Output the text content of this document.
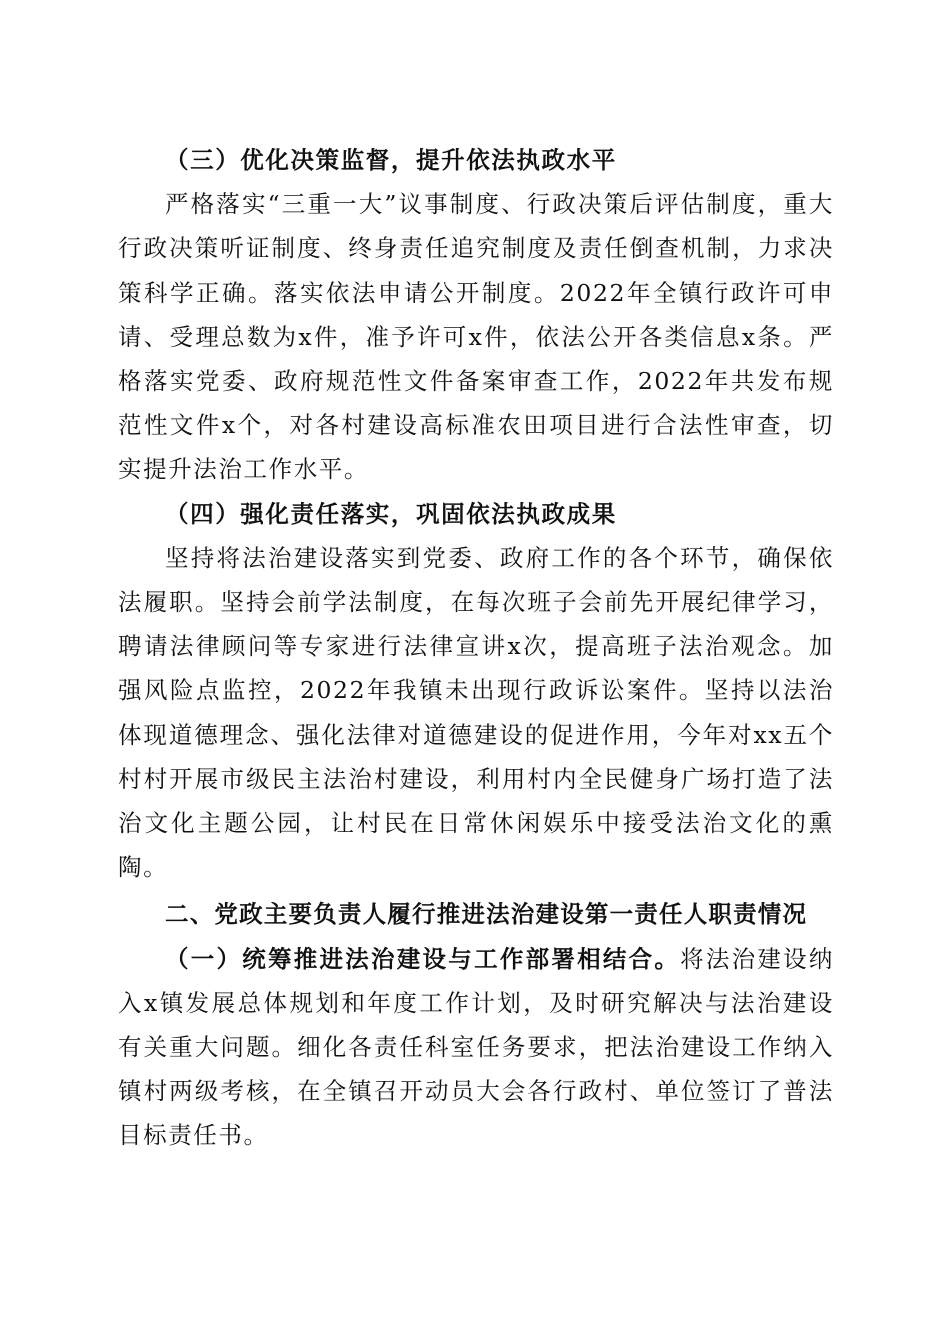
（三）优化决策监督，提升依法执政水平

严格落实“三重一大”议事制度、行政决策后评估制度，重大行政决策听证制度、终身责任追究制度及责任倒查机制，力求决策科学正确。落实依法申请公开制度。2022年全镇行政许可申请、受理总数为x件，准予许可x件，依法公开各类信息x条。严格落实党委、政府规范性文件备案审查工作，2022年共发布规范性文件x个，对各村建设高标准农田项目进行合法性审查，切实提升法治工作水平。

（四）强化责任落实，巩固依法执政成果

坚持将法治建设落实到党委、政府工作的各个环节，确保依法履职。坚持会前学法制度，在每次班子会前先开展纪律学习，聘请法律顾问等专家进行法律宣讲x次，提高班子法治观念。加强风险点监控，2022年我镇未出现行政诉讼案件。坚持以法治体现道德理念、强化法律对道德建设的促进作用，今年对xx五个村村开展市级民主法治村建设，利用村内全民健身广场打造了法治文化主题公园，让村民在日常休闲娱乐中接受法治文化的熏陶。

二、党政主要负责人履行推进法治建设第一责任人职责情况

（一）统筹推进法治建设与工作部署相结合。将法治建设纳入x镇发展总体规划和年度工作计划，及时研究解决与法治建设有关重大问题。细化各责任科室任务要求，把法治建设工作纳入镇村两级考核，在全镇召开动员大会各行政村、单位签订了普法目标责任书。
